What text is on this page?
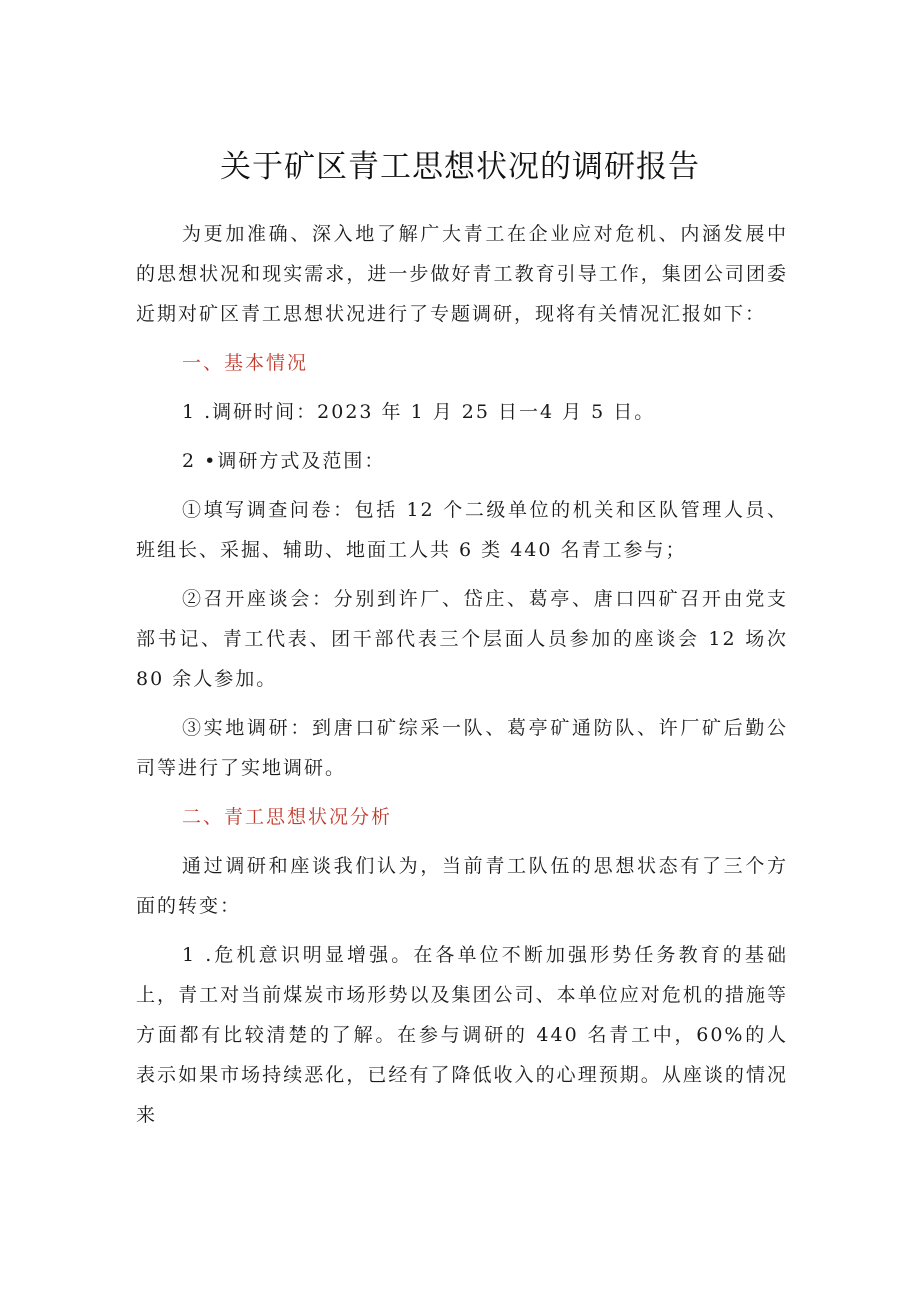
关于矿区青工思想状况的调研报告

为更加准确、深入地了解广大青工在企业应对危机、内涵发展中的思想状况和现实需求，进一步做好青工教育引导工作，集团公司团委近期对矿区青工思想状况进行了专题调研，现将有关情况汇报如下：

一、基本情况

1 .调研时间：2023 年 1 月 25 日一4 月 5 日。

2 •调研方式及范围：

①填写调查问卷：包括 12 个二级单位的机关和区队管理人员、班组长、采掘、辅助、地面工人共 6 类 440 名青工参与；

②召开座谈会：分别到许厂、岱庄、葛亭、唐口四矿召开由党支部书记、青工代表、团干部代表三个层面人员参加的座谈会 12 场次 80 余人参加。

③实地调研：到唐口矿综采一队、葛亭矿通防队、许厂矿后勤公司等进行了实地调研。

二、青工思想状况分析

通过调研和座谈我们认为，当前青工队伍的思想状态有了三个方面的转变：

1 .危机意识明显增强。在各单位不断加强形势任务教育的基础上，青工对当前煤炭市场形势以及集团公司、本单位应对危机的措施等方面都有比较清楚的了解。在参与调研的 440 名青工中，60%的人表示如果市场持续恶化，已经有了降低收入的心理预期。从座谈的情况来
